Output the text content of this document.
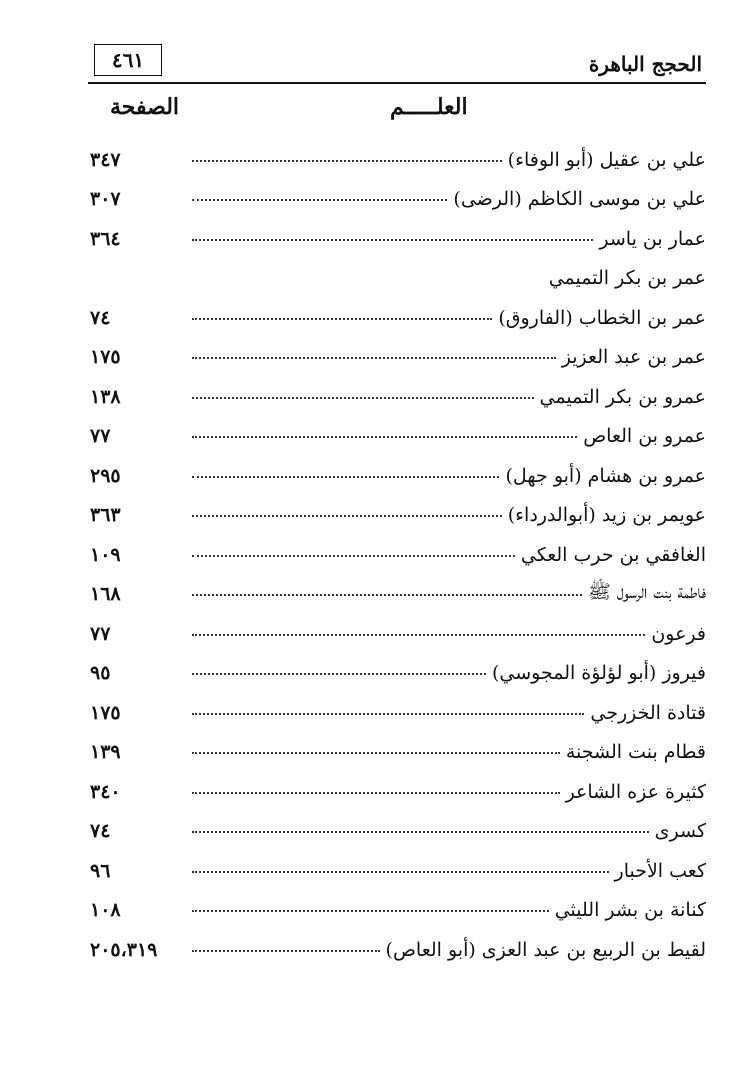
٤٦١	الحجج الباهرة
الصفحة	العلـــــم
علي بن عقيل (أبو الوفاء)
٣٤٧
علي بن موسى الكاظم (الرضى)
٣٠٧
عمار بن ياسر
٣٦٤
عمر بن بكر التميمي
عمر بن الخطاب (الفاروق)
٧٤
عمر بن عبد العزيز
١٧٥
عمرو بن بكر التميمي
١٣٨
عمرو بن العاص
٧٧
عمرو بن هشام (أبو جهل)
٢٩٥
عويمر بن زيد (أبوالدرداء)
٣٦٣
الغافقي بن حرب العكي
١٠٩
فاطمة بنت الرسول ﷺ
١٦٨
فرعون
٧٧
فيروز (أبو لؤلؤة المجوسي)
٩٥
قتادة الخزرجي
١٧٥
قطام بنت الشجنة
١٣٩
كثيرة عزه الشاعر
٣٤٠
كسرى
٧٤
كعب الأحبار
٩٦
كنانة بن بشر الليثي
١٠٨
لقيط بن الربيع بن عبد العزى (أبو العاص)
٢٠٥،٣١٩
